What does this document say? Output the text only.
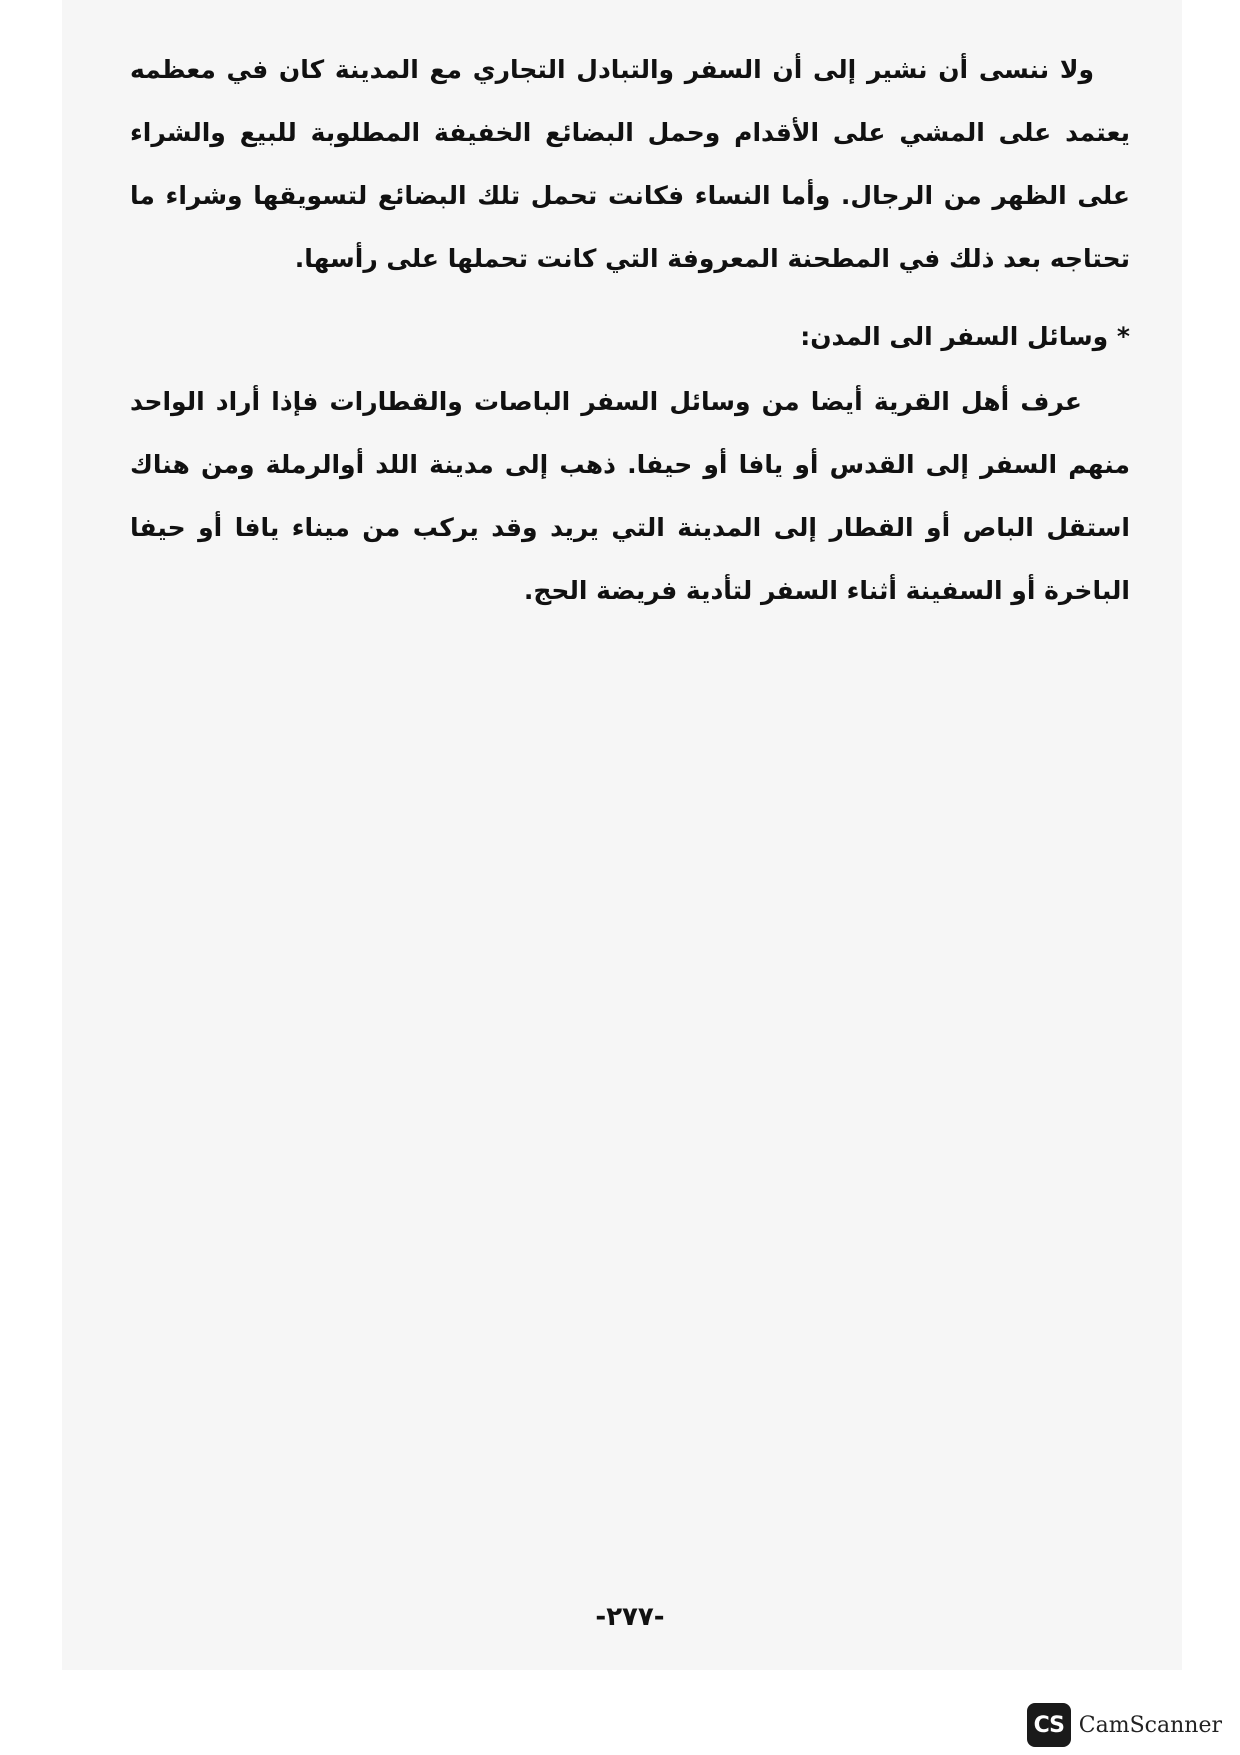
ولا ننسى أن نشير إلى أن السفر والتبادل التجاري مع المدينة كان في معظمه يعتمد على المشي على الأقدام وحمل البضائع الخفيفة المطلوبة للبيع والشراء على الظهر من الرجال. وأما النساء فكانت تحمل تلك البضائع لتسويقها وشراء ما تحتاجه بعد ذلك في المطحنة المعروفة التي كانت تحملها على رأسها.

* وسائل السفر الى المدن:

عرف أهل القرية أيضا من وسائل السفر الباصات والقطارات فإذا أراد الواحد منهم السفر إلى القدس أو يافا أو حيفا. ذهب إلى مدينة اللد أوالرملة ومن هناك استقل الباص أو القطار إلى المدينة التي يريد وقد يركب من ميناء يافا أو حيفا الباخرة أو السفينة أثناء السفر لتأدية فريضة الحج.

-٢٧٧-
CS CamScanner
